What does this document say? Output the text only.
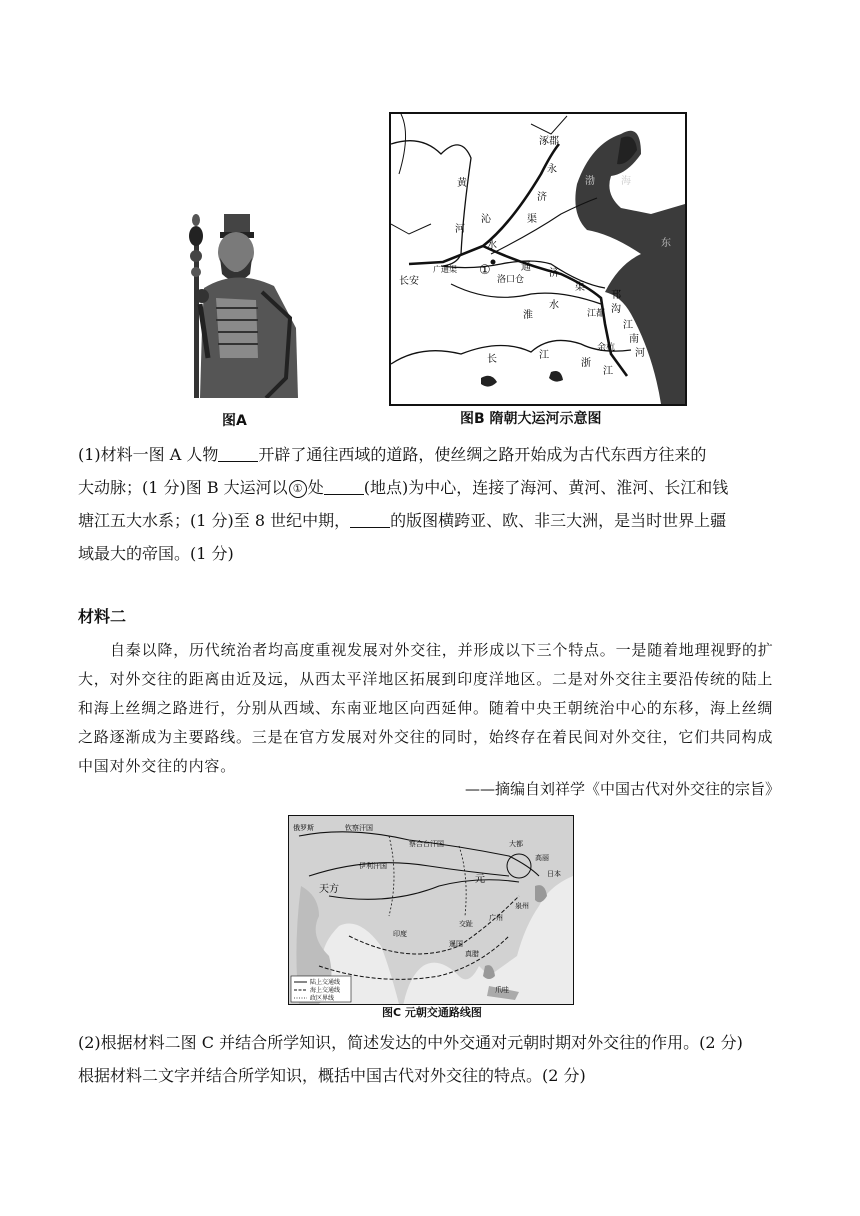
图A
涿郡
永
济
渠
黄
河
沁
水
渤	海
通
济
渠
长安
广通渠 ①
洛口仓
淮
水
邗
沟
江都
江
南
河
余杭
长	江
浙
江
东
图B 隋朝大运河示意图
(1)材料一图 A 人物	开辟了通往西域的道路，使丝绸之路开始成为古代东西方往来的
大动脉；(1 分)图 B 大运河以 ① 处	(地点)为中心，连接了海河、黄河、淮河、长江和钱
塘江五大水系；(1 分)至 8 世纪中期，	的版图横跨亚、欧、非三大洲，是当时世界上疆
域最大的帝国。(1 分)
材料二

自秦以降，历代统治者均高度重视发展对外交往，并形成以下三个特点。一是随着地理视野的扩大，对外交往的距离由近及远，从西太平洋地区拓展到印度洋地区。二是对外交往主要沿传统的陆上和海上丝绸之路进行，分别从西域、东南亚地区向西延伸。随着中央王朝统治中心的东移，海上丝绸之路逐渐成为主要路线。三是在官方发展对外交往的同时，始终存在着民间对外交往，它们共同构成中国对外交往的内容。

——摘编自刘祥学《中国古代对外交往的宗旨》
俄罗斯	钦察汗国
察合台汗国
伊利汗国
天方
元
大都
泉州
广州
交趾
暹国
日本
高丽
印度
真腊
爪哇
陆上交通线
海上交通线
政区界线
图C 元朝交通路线图
(2)根据材料二图 C 并结合所学知识，简述发达的中外交通对元朝时期对外交往的作用。(2 分)
根据材料二文字并结合所学知识，概括中国古代对外交往的特点。(2 分)
